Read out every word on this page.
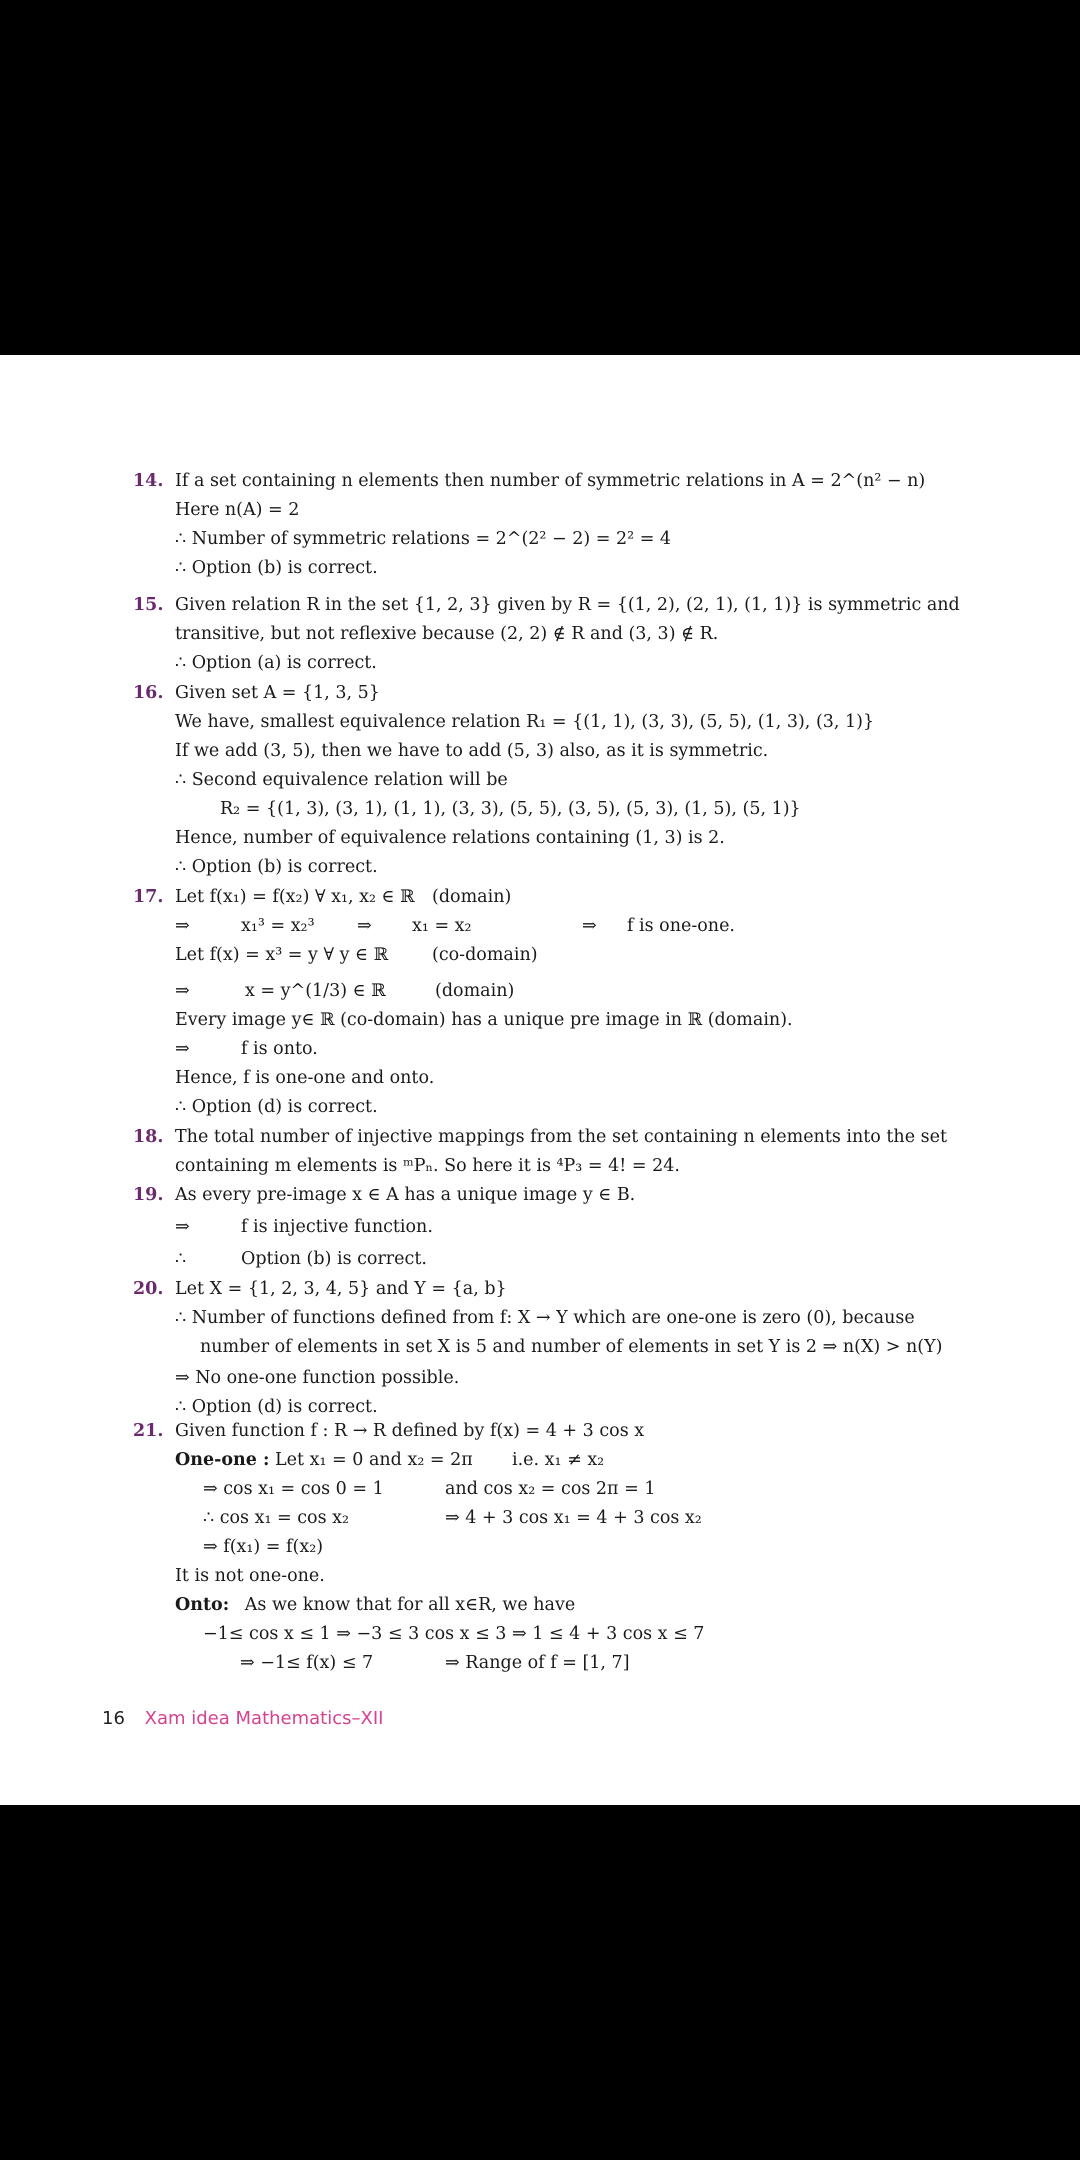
14. If a set containing n elements then number of symmetric relations in A = 2^(n² − n)
Here n(A) = 2
∴ Number of symmetric relations = 2^(2² − 2) = 2² = 4
∴ Option (b) is correct.
15. Given relation R in the set {1, 2, 3} given by R = {(1, 2), (2, 1), (1, 1)} is symmetric and transitive, but not reflexive because (2, 2) ∉ R and (3, 3) ∉ R.
∴ Option (a) is correct.
16. Given set A = {1, 3, 5}
We have, smallest equivalence relation R₁ = {(1, 1), (3, 3), (5, 5), (1, 3), (3, 1)}
If we add (3, 5), then we have to add (5, 3) also, as it is symmetric.
∴ Second equivalence relation will be
R₂ = {(1, 3), (3, 1), (1, 1), (3, 3), (5, 5), (3, 5), (5, 3), (1, 5), (5, 1)}
Hence, number of equivalence relations containing (1, 3) is 2.
∴ Option (b) is correct.
17. Let f(x₁) = f(x₂) ∀ x₁, x₂ ∈ ℝ (domain)
⇒	x₁³ = x₂³ ⇒ x₁ = x₂	⇒ f is one-one.
Let f(x) = x³ = y ∀ y ∈ ℝ	(co-domain)
⇒	x = y^(1/3) ∈ ℝ	(domain)
Every image y∈ ℝ (co-domain) has a unique pre image in ℝ (domain).
⇒	f is onto.
Hence, f is one-one and onto.
∴ Option (d) is correct.
18. The total number of injective mappings from the set containing n elements into the set containing m elements is ᵐPₙ. So here it is ⁴P₃ = 4! = 24.
19. As every pre-image x ∈ A has a unique image y ∈ B.
⇒	f is injective function.
∴	Option (b) is correct.
20. Let X = {1, 2, 3, 4, 5} and Y = {a, b}
∴ Number of functions defined from f: X → Y which are one-one is zero (0), because number of elements in set X is 5 and number of elements in set Y is 2 ⇒ n(X) > n(Y)
⇒ No one-one function possible.
∴ Option (d) is correct.
21. Given function f : R → R defined by f(x) = 4 + 3 cos x
One-one : Let x₁ = 0 and x₂ = 2π i.e. x₁ ≠ x₂
⇒ cos x₁ = cos 0 = 1	and cos x₂ = cos 2π = 1
∴ cos x₁ = cos x₂	⇒ 4 + 3 cos x₁ = 4 + 3 cos x₂
⇒ f(x₁) = f(x₂)
It is not one-one.
Onto: As we know that for all x∈R, we have
−1≤ cos x ≤ 1 ⇒ −3 ≤ 3 cos x ≤ 3 ⇒ 1 ≤ 4 + 3 cos x ≤ 7
⇒ −1≤ f(x) ≤ 7	⇒ Range of f = [1, 7]
16 Xam idea Mathematics–XII
